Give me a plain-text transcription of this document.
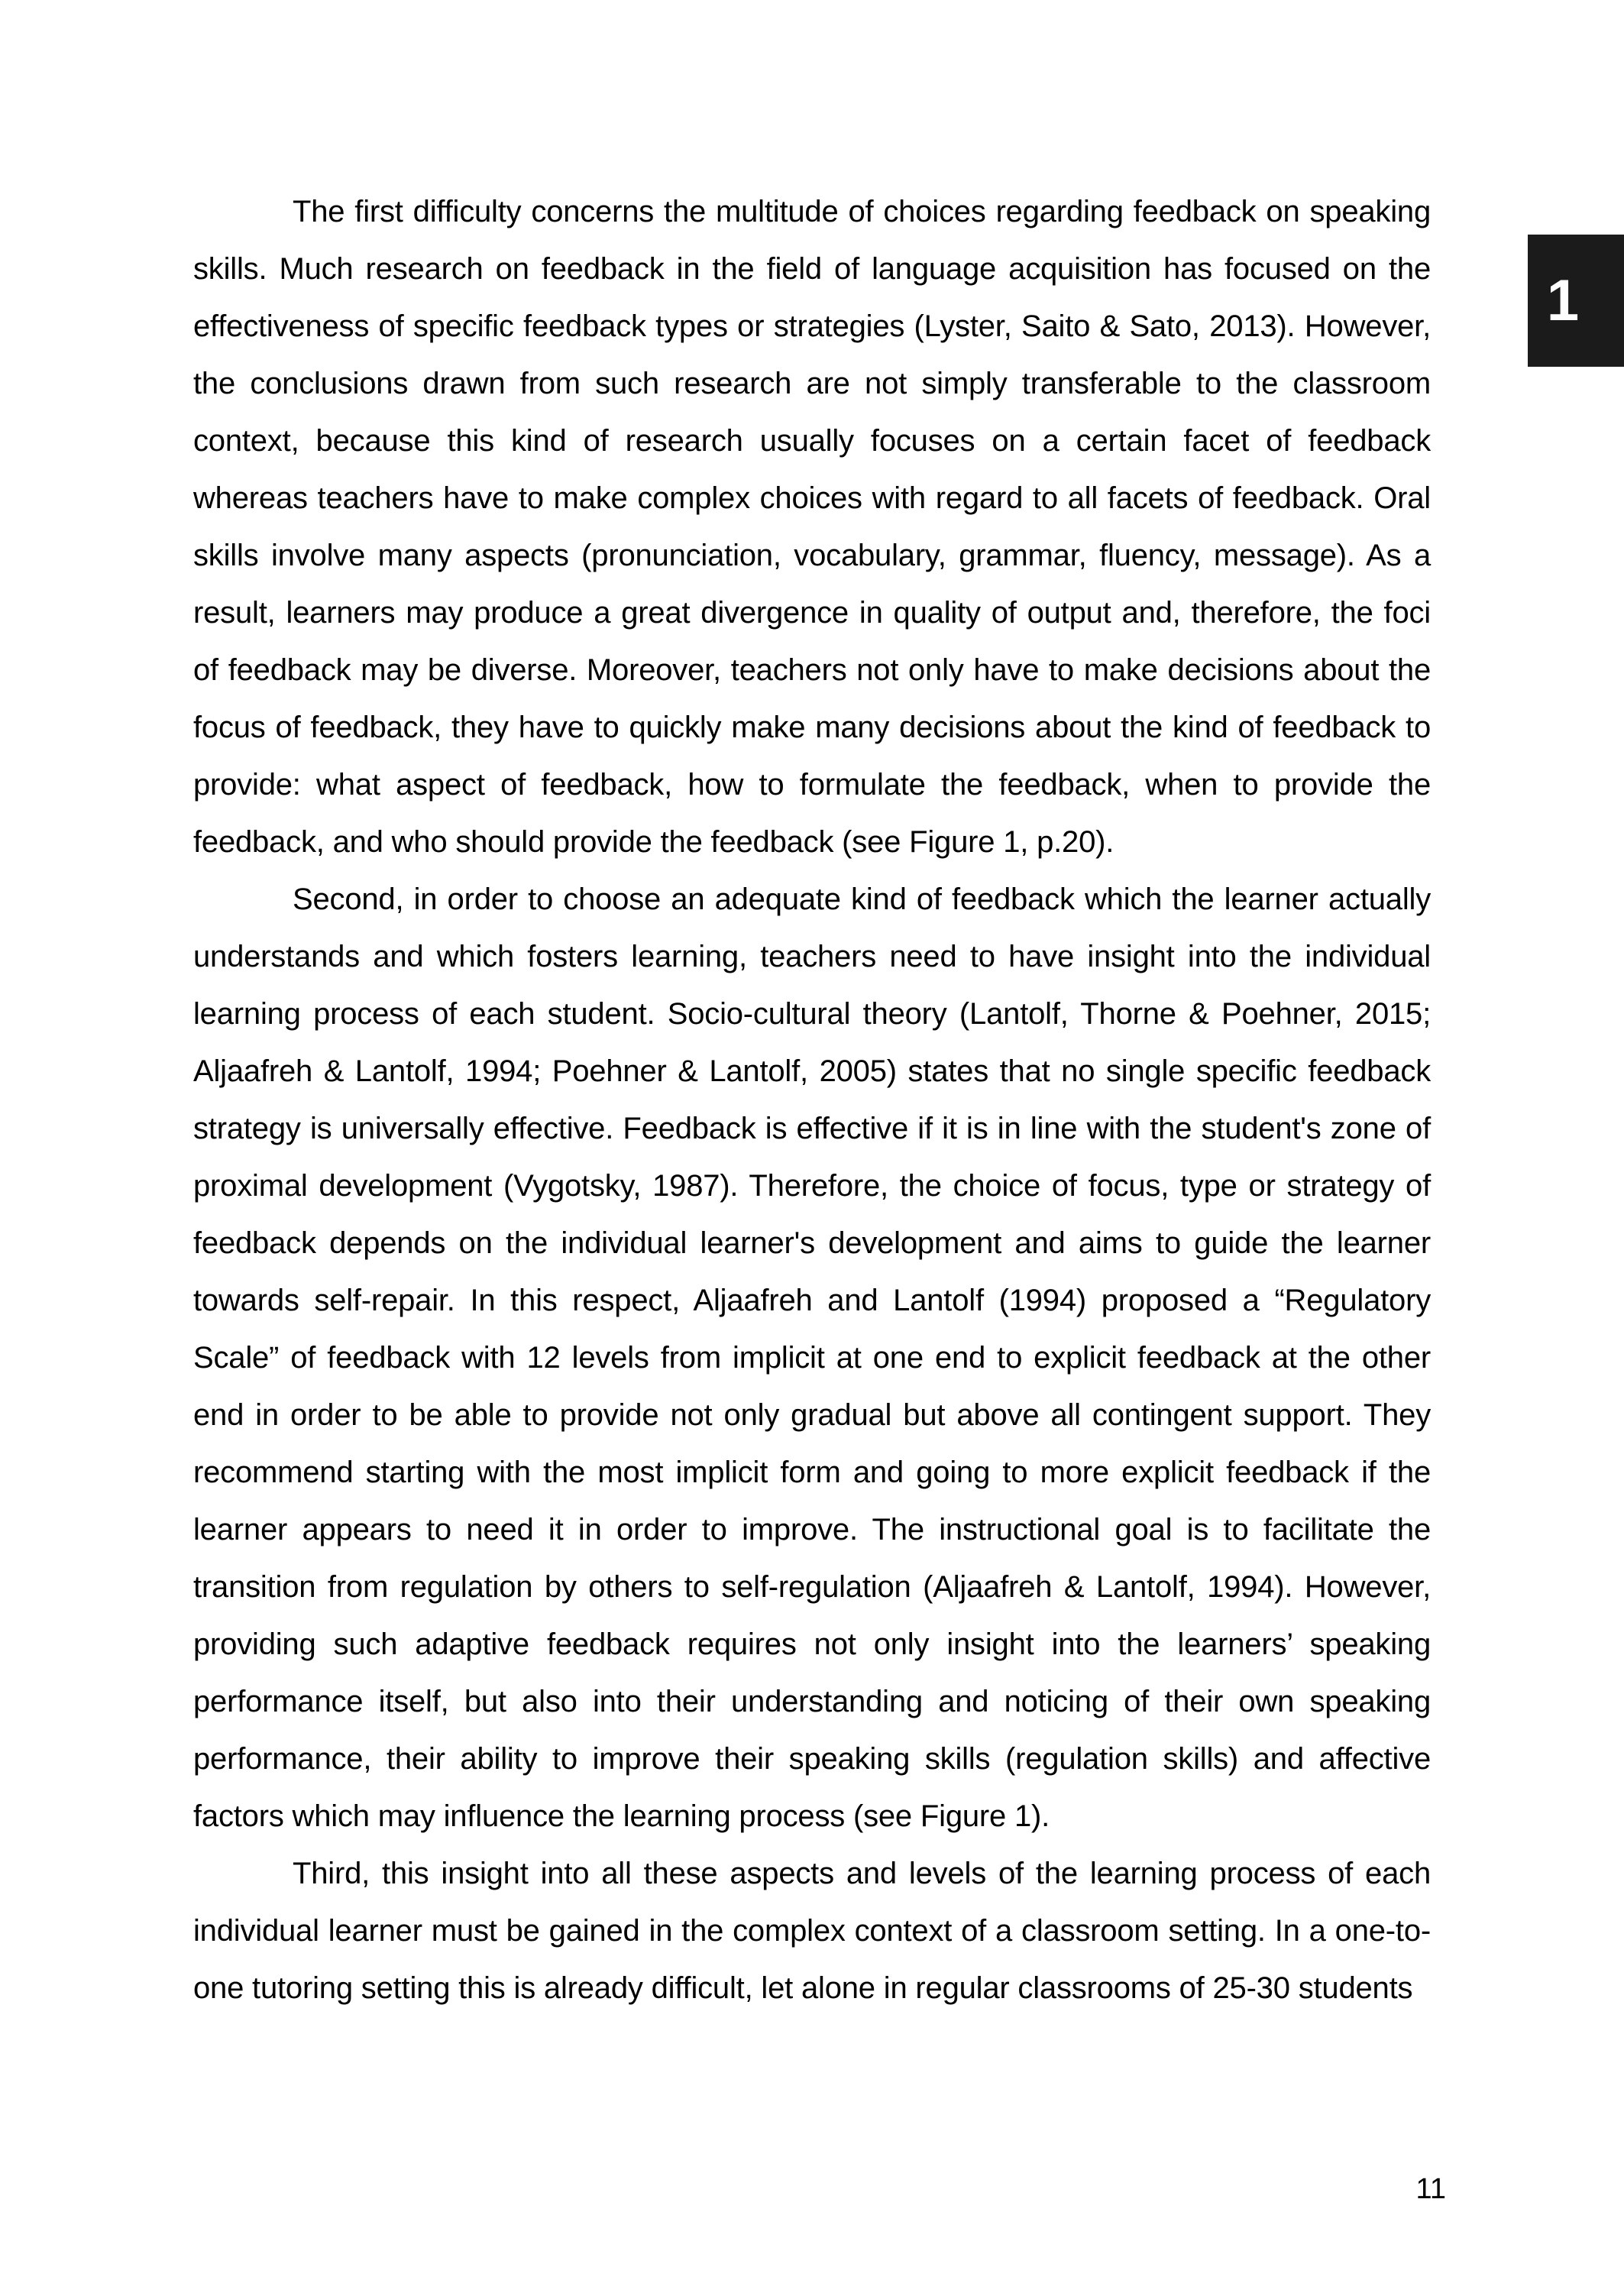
The first difficulty concerns the multitude of choices regarding feedback on speaking skills. Much research on feedback in the field of language acquisition has focused on the effectiveness of specific feedback types or strategies (Lyster, Saito & Sato, 2013). However, the conclusions drawn from such research are not simply transferable to the classroom context, because this kind of research usually focuses on a certain facet of feedback whereas teachers have to make complex choices with regard to all facets of feedback. Oral skills involve many aspects (pronunciation, vocabulary, grammar, fluency, message). As a result, learners may produce a great divergence in quality of output and, therefore, the foci of feedback may be diverse. Moreover, teachers not only have to make decisions about the focus of feedback, they have to quickly make many decisions about the kind of feedback to provide: what aspect of feedback, how to formulate the feedback, when to provide the feedback, and who should provide the feedback (see Figure 1, p.20).

Second, in order to choose an adequate kind of feedback which the learner actually understands and which fosters learning, teachers need to have insight into the individual learning process of each student. Socio-cultural theory (Lantolf, Thorne & Poehner, 2015; Aljaafreh & Lantolf, 1994; Poehner & Lantolf, 2005) states that no single specific feedback strategy is universally effective. Feedback is effective if it is in line with the student's zone of proximal development (Vygotsky, 1987). Therefore, the choice of focus, type or strategy of feedback depends on the individual learner's development and aims to guide the learner towards self-repair. In this respect, Aljaafreh and Lantolf (1994) proposed a “Regulatory Scale” of feedback with 12 levels from implicit at one end to explicit feedback at the other end in order to be able to provide not only gradual but above all contingent support. They recommend starting with the most implicit form and going to more explicit feedback if the learner appears to need it in order to improve. The instructional goal is to facilitate the transition from regulation by others to self-regulation (Aljaafreh & Lantolf, 1994). However, providing such adaptive feedback requires not only insight into the learners’ speaking performance itself, but also into their understanding and noticing of their own speaking performance, their ability to improve their speaking skills (regulation skills) and affective factors which may influence the learning process (see Figure 1).

Third, this insight into all these aspects and levels of the learning process of each individual learner must be gained in the complex context of a classroom setting. In a one-to-one tutoring setting this is already difficult, let alone in regular classrooms of 25-30 students

1
11
